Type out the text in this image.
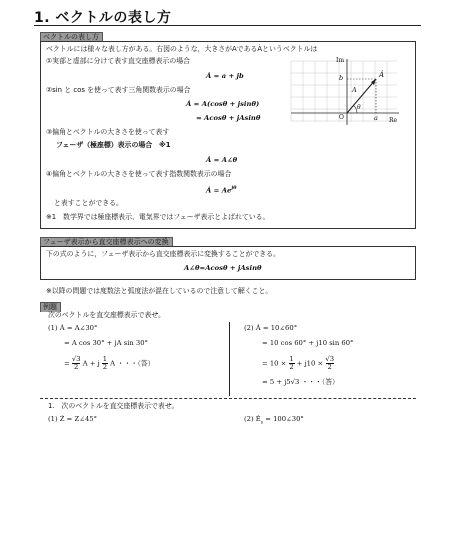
1. ベクトルの表し方
ベクトルの表し方
ベクトルには様々な表し方がある。右図のような，大きさがAであるȦというベクトルは
①実部と虚部に分けて表す直交座標表示の場合
Ȧ = a + jb
②sin と cos を使って表す三角関数表示の場合
Ȧ = A(cosθ + jsinθ)
= Acosθ + jAsinθ
③偏角とベクトルの大きさを使って表す
フェーザ（極座標）表示の場合　※1
Ȧ = A∠θ
④偏角とベクトルの大きさを使って表す指数関数表示の場合
Ȧ = $Ae^{j\theta}$
と表すことができる。
※1　数学界では極座標表示、電気界ではフェーザ表示とよばれている。
Im
Re
O
b
a
Ȧ
A
θ
フェーザ表示から直交座標表示への変換
下の式のように，フェーザ表示から直交座標表示に変換することができる。
A∠θ=Acosθ + jAsinθ
※以降の問題では度数法と弧度法が混在しているので注意して解くこと。
例題
次のベクトルを直交座標表示で表せ。
(1) Ȧ = A∠30°
= A cos 30° + jA sin 30°
= $\frac{√3}{2}$ A + j $\frac{1}{2}$ A ・・・（答）
(2) Ȧ = 10∠60°
= 10 cos 60° + j10 sin 60°
= $10 \times \frac{1}{2} + j10 \times \frac{√3}{2}$
= 5 + j5√3 ・・・（答）
1.　次のベクトルを直交座標表示で表せ。
(1) Ż = Z∠45°	(2) $Ė_s$ = 100∠30°
